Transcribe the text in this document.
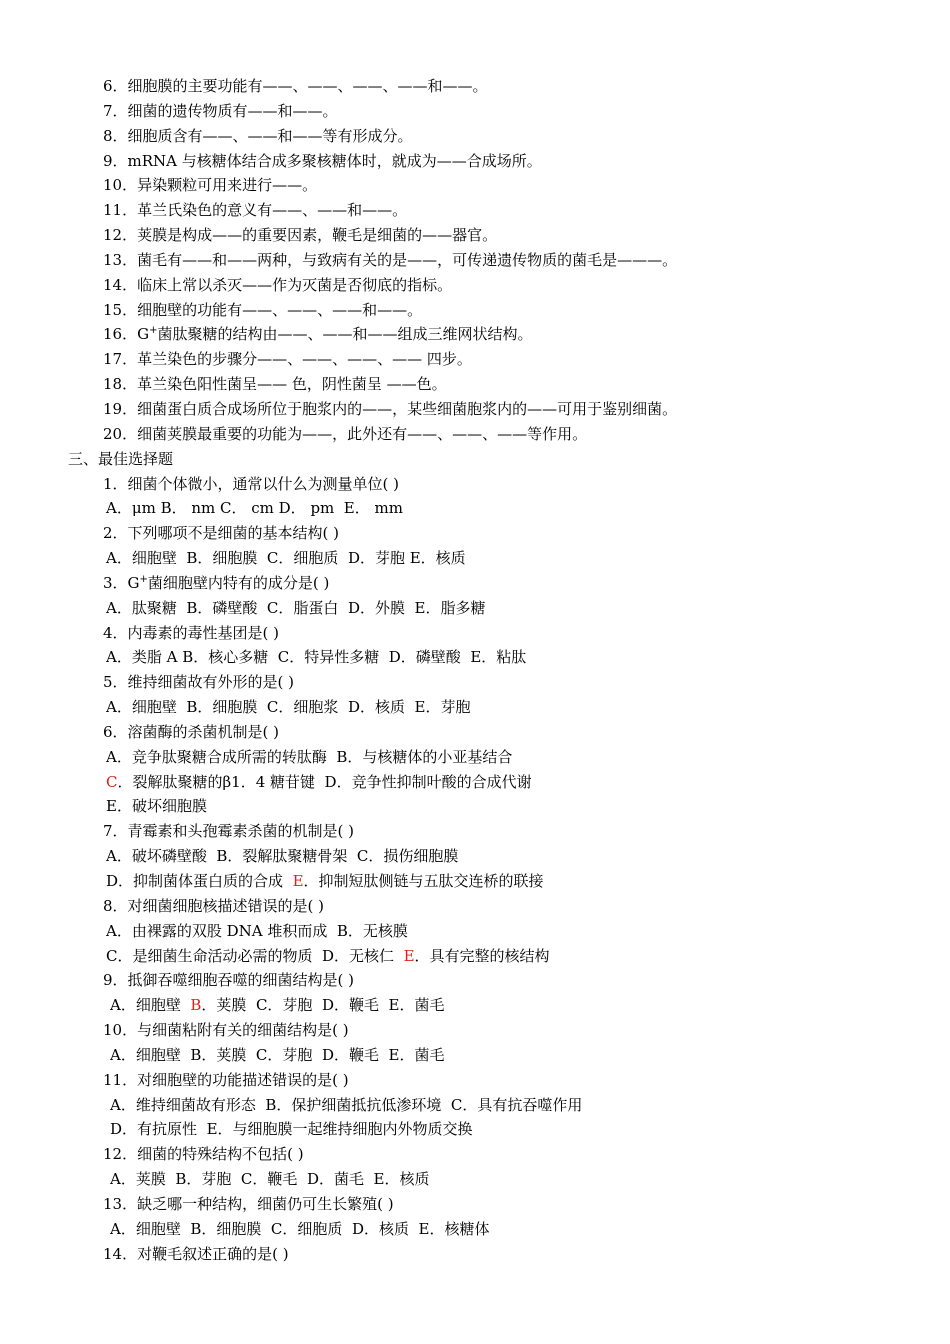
6．细胞膜的主要功能有——、——、——、——和——。
7．细菌的遗传物质有——和——。
8．细胞质含有——、——和——等有形成分。
9．mRNA 与核糖体结合成多聚核糖体时，就成为——合成场所。
10．异染颗粒可用来进行——。
11．革兰氏染色的意义有——、——和——。
12．荚膜是构成——的重要因素，鞭毛是细菌的——器官。
13．菌毛有——和——两种，与致病有关的是——，可传递遗传物质的菌毛是———。
14．临床上常以杀灭——作为灭菌是否彻底的指标。
15．细胞壁的功能有——、——、——和——。
16．G+菌肽聚糖的结构由——、——和——组成三维网状结构。
17．革兰染色的步骤分——、——、——、—— 四步。
18．革兰染色阳性菌呈—— 色，阴性菌呈 ——色。
19．细菌蛋白质合成场所位于胞浆内的——，某些细菌胞浆内的——可用于鉴别细菌。
20．细菌荚膜最重要的功能为——，此外还有——、——、——等作用。
三、最佳选择题
1．细菌个体微小，通常以什么为测量单位( )
A．μm B． nm C． cm D． pm  E． mm
2．下列哪项不是细菌的基本结构( )
A．细胞壁  B．细胞膜  C．细胞质  D．芽胞 E．核质
3．G+菌细胞壁内特有的成分是( )
A．肽聚糖  B．磷壁酸  C．脂蛋白  D．外膜  E．脂多糖
4．内毒素的毒性基团是( )
A．类脂 A B．核心多糖  C．特异性多糖  D．磷壁酸  E．粘肽
5．维持细菌故有外形的是( )
A．细胞壁  B．细胞膜  C．细胞浆  D．核质  E．芽胞
6．溶菌酶的杀菌机制是( )
A．竞争肽聚糖合成所需的转肽酶  B．与核糖体的小亚基结合
C．裂解肽聚糖的β1．4 糖苷键  D．竞争性抑制叶酸的合成代谢
E．破坏细胞膜
7．青霉素和头孢霉素杀菌的机制是( )
A．破坏磷壁酸  B．裂解肽聚糖骨架  C．损伤细胞膜
D．抑制菌体蛋白质的合成  E．抑制短肽侧链与五肽交连桥的联接
8．对细菌细胞核描述错误的是( )
A．由裸露的双股 DNA 堆积而成  B．无核膜
C．是细菌生命活动必需的物质  D．无核仁  E．具有完整的核结构
9．抵御吞噬细胞吞噬的细菌结构是( )
A．细胞壁  B．荚膜  C．芽胞  D．鞭毛  E．菌毛
10．与细菌粘附有关的细菌结构是( )
A．细胞壁  B．荚膜  C．芽胞  D．鞭毛  E．菌毛
11．对细胞壁的功能描述错误的是( )
A．维持细菌故有形态  B．保护细菌抵抗低渗环境  C．具有抗吞噬作用
D．有抗原性  E．与细胞膜一起维持细胞内外物质交换
12．细菌的特殊结构不包括( )
A．荚膜  B．芽胞  C．鞭毛  D．菌毛  E．核质
13．缺乏哪一种结构，细菌仍可生长繁殖( )
A．细胞壁  B．细胞膜  C．细胞质  D．核质  E．核糖体
14．对鞭毛叙述正确的是( )
